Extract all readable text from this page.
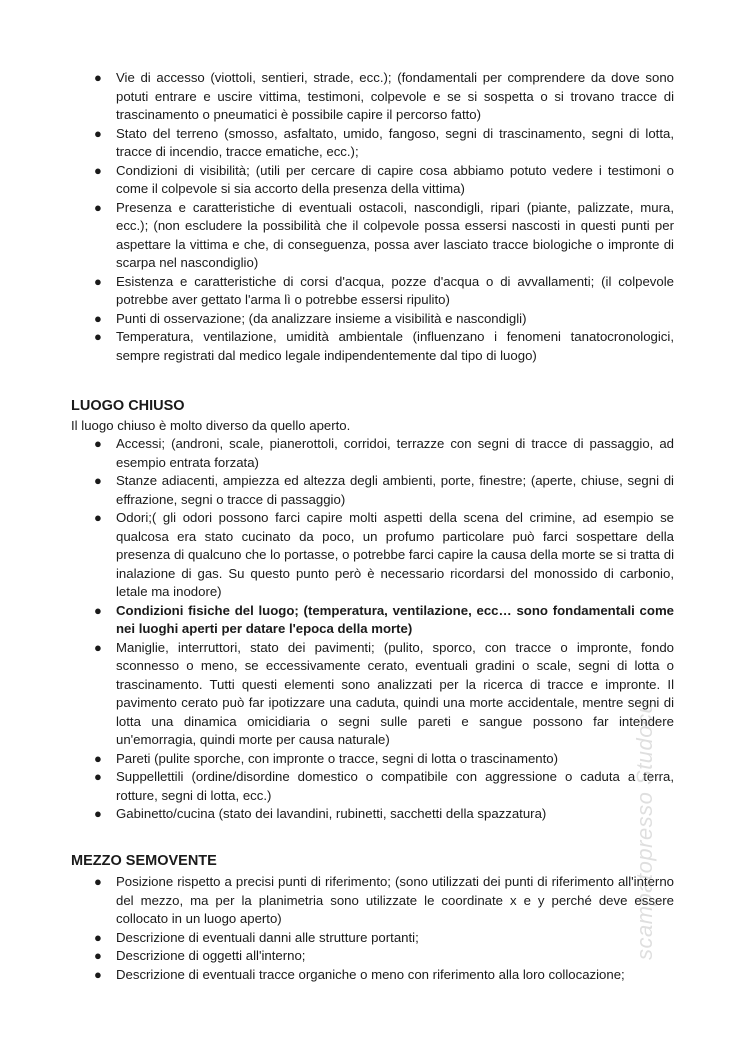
● Vie di accesso (viottoli, sentieri, strade, ecc.); (fondamentali per comprendere da dove sono potuti entrare e uscire vittima, testimoni, colpevole e se si sospetta o si trovano tracce di trascinamento o pneumatici è possibile capire il percorso fatto)
● Stato del terreno (smosso, asfaltato, umido, fangoso, segni di trascinamento, segni di lotta, tracce di incendio, tracce ematiche, ecc.);
● Condizioni di visibilità; (utili per cercare di capire cosa abbiamo potuto vedere i testimoni o come il colpevole si sia accorto della presenza della vittima)
● Presenza e caratteristiche di eventuali ostacoli, nascondigli, ripari (piante, palizzate, mura, ecc.); (non escludere la possibilità che il colpevole possa essersi nascosti in questi punti per aspettare la vittima e che, di conseguenza, possa aver lasciato tracce biologiche o impronte di scarpa nel nascondiglio)
● Esistenza e caratteristiche di corsi d'acqua, pozze d'acqua o di avvallamenti; (il colpevole potrebbe aver gettato l'arma lì o potrebbe essersi ripulito)
● Punti di osservazione; (da analizzare insieme a visibilità e nascondigli)
● Temperatura, ventilazione, umidità ambientale (influenzano i fenomeni tanatocronologici, sempre registrati dal medico legale indipendentemente dal tipo di luogo)
LUOGO CHIUSO

Il luogo chiuso è molto diverso da quello aperto.

● Accessi; (androni, scale, pianerottoli, corridoi, terrazze con segni di tracce di passaggio, ad esempio entrata forzata)
● Stanze adiacenti, ampiezza ed altezza degli ambienti, porte, finestre; (aperte, chiuse, segni di effrazione, segni o tracce di passaggio)
● Odori;( gli odori possono farci capire molti aspetti della scena del crimine, ad esempio se qualcosa era stato cucinato da poco, un profumo particolare può farci sospettare della presenza di qualcuno che lo portasse, o potrebbe farci capire la causa della morte se si tratta di inalazione di gas. Su questo punto però è necessario ricordarsi del monossido di carbonio, letale ma inodore)
● Condizioni fisiche del luogo; (temperatura, ventilazione, ecc… sono fondamentali come nei luoghi aperti per datare l'epoca della morte)
● Maniglie, interruttori, stato dei pavimenti; (pulito, sporco, con tracce o impronte, fondo sconnesso o meno, se eccessivamente cerato, eventuali gradini o scale, segni di lotta o trascinamento. Tutti questi elementi sono analizzati per la ricerca di tracce e impronte. Il pavimento cerato può far ipotizzare una caduta, quindi una morte accidentale, mentre segni di lotta una dinamica omicidiaria o segni sulle pareti e sangue possono far intendere un'emorragia, quindi morte per causa naturale)
● Pareti (pulite sporche, con impronte o tracce, segni di lotta o trascinamento)
● Suppellettili (ordine/disordine domestico o compatibile con aggressione o caduta a terra, rotture, segni di lotta, ecc.)
● Gabinetto/cucina (stato dei lavandini, rubinetti, sacchetti della spazzatura)
MEZZO SEMOVENTE
● Posizione rispetto a precisi punti di riferimento; (sono utilizzati dei punti di riferimento all'interno del mezzo, ma per la planimetria sono utilizzate le coordinate x e y perché deve essere collocato in un luogo aperto)
● Descrizione di eventuali danni alle strutture portanti;
● Descrizione di oggetti all'interno;
● Descrizione di eventuali tracce organiche o meno con riferimento alla loro collocazione;
scampatopresso Studocu
